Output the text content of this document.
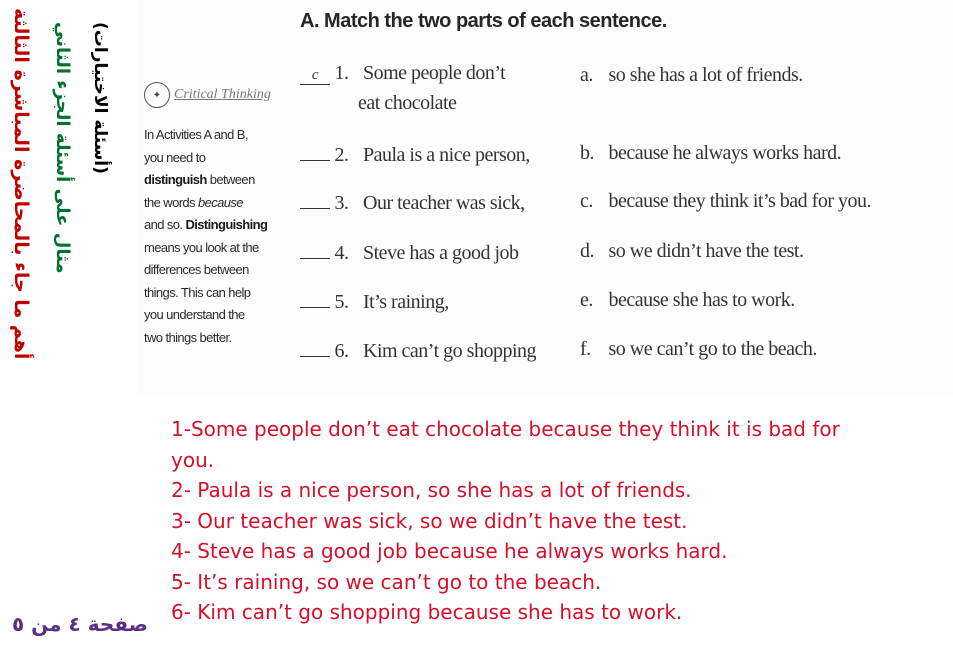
أهم ما جاء بالمحاضرة المباشرة الثالثة مثال على أسئلة الجزء الثاني (أسئلة الاختيارات)
A. Match the two parts of each sentence.
✦ Critical Thinking
In Activities A and B,
you need to
distinguish between
the words because
and so. Distinguishing
means you look at the
differences between
things. This can help
you understand the
two things better.
c 1. Some people don’t
eat chocolate
2. Paula is a nice person,
3. Our teacher was sick,
4. Steve has a good job
5. It’s raining,
6. Kim can’t go shopping
a. so she has a lot of friends.
b. because he always works hard.
c. because they think it’s bad for you.
d. so we didn’t have the test.
e. because she has to work.
f. so we can’t go to the beach.
1-Some people don’t eat chocolate because they think it is bad for you.
2- Paula is a nice person, so she has a lot of friends.
3- Our teacher was sick, so we didn’t have the test.
4- Steve has a good job because he always works hard.
5- It’s raining, so we can’t go to the beach.
6- Kim can’t go shopping because she has to work.
صفحة ٤ من ٥
